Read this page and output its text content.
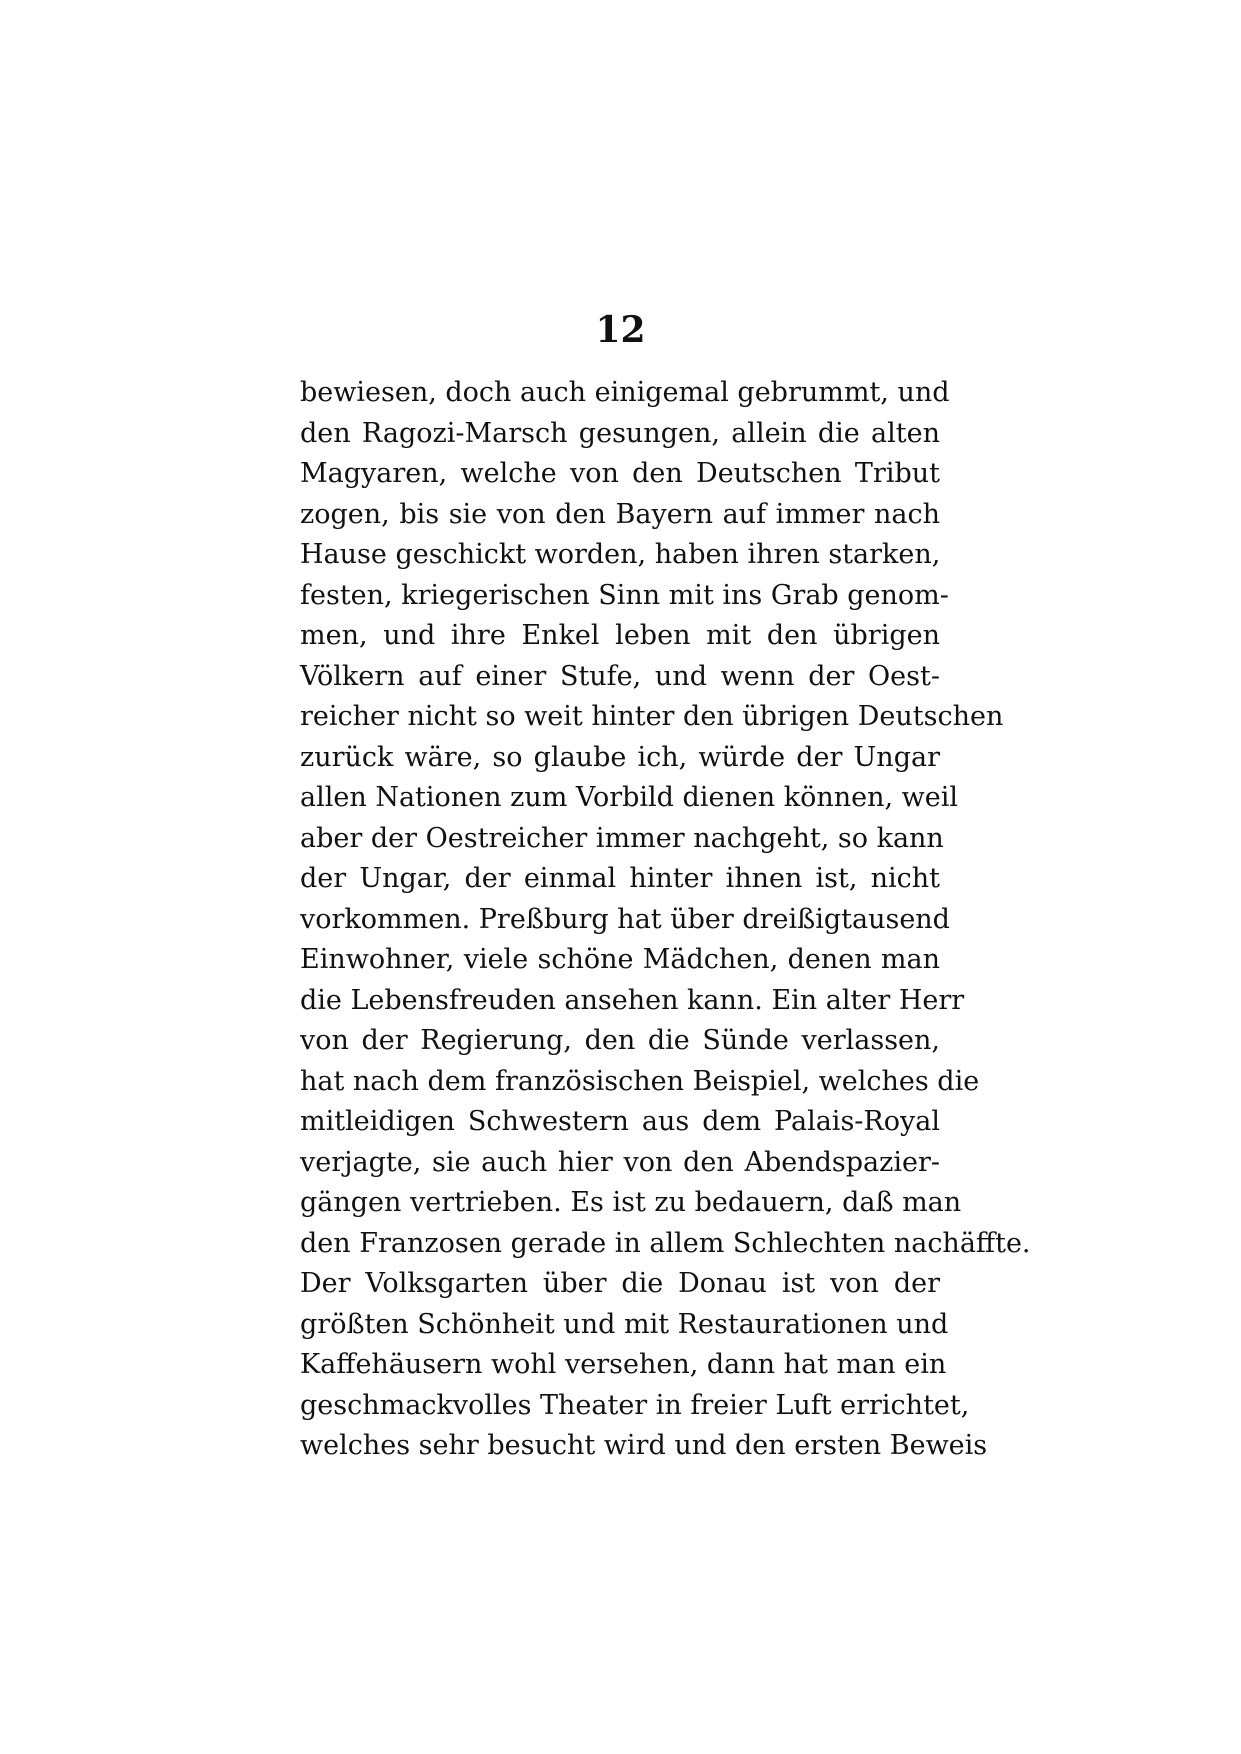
12
bewiesen, doch auch einigemal gebrummt, und
den Ragozi-Marsch gesungen, allein die alten
Magyaren, welche von den Deutschen Tribut
zogen, bis sie von den Bayern auf immer nach
Hause geschickt worden, haben ihren starken,
festen, kriegerischen Sinn mit ins Grab genom-
men, und ihre Enkel leben mit den übrigen
Völkern auf einer Stufe, und wenn der Oest-
reicher nicht so weit hinter den übrigen Deutschen
zurück wäre, so glaube ich, würde der Ungar
allen Nationen zum Vorbild dienen können, weil
aber der Oestreicher immer nachgeht, so kann
der Ungar, der einmal hinter ihnen ist, nicht
vorkommen. Preßburg hat über dreißigtausend
Einwohner, viele schöne Mädchen, denen man
die Lebensfreuden ansehen kann. Ein alter Herr
von der Regierung, den die Sünde verlassen,
hat nach dem französischen Beispiel, welches die
mitleidigen Schwestern aus dem Palais-Royal
verjagte, sie auch hier von den Abendspazier-
gängen vertrieben. Es ist zu bedauern, daß man
den Franzosen gerade in allem Schlechten nachäffte.
Der Volksgarten über die Donau ist von der
größten Schönheit und mit Restaurationen und
Kaffehäusern wohl versehen, dann hat man ein
geschmackvolles Theater in freier Luft errichtet,
welches sehr besucht wird und den ersten Beweis
